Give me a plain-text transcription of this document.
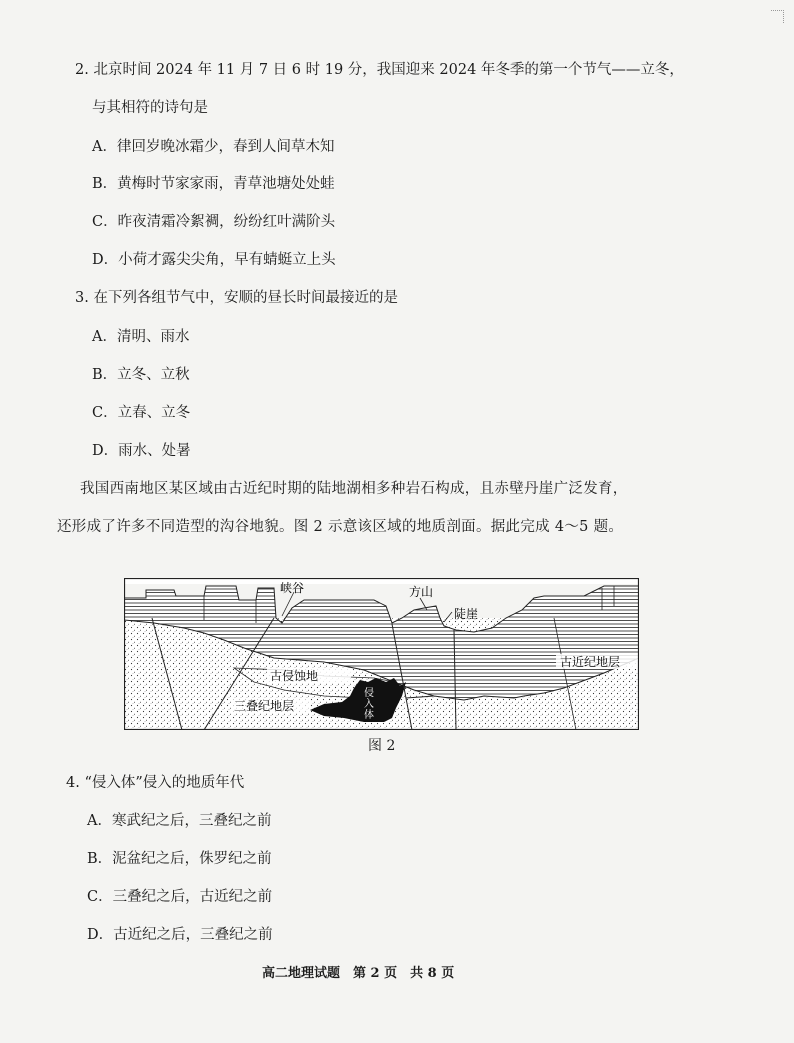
2. 北京时间 2024 年 11 月 7 日 6 时 19 分，我国迎来 2024 年冬季的第一个节气——立冬，
与其相符的诗句是
A．律回岁晚冰霜少，春到人间草木知
B．黄梅时节家家雨，青草池塘处处蛙
C．昨夜清霜冷絮裯，纷纷红叶满阶头
D．小荷才露尖尖角，早有蜻蜓立上头
3. 在下列各组节气中，安顺的昼长时间最接近的是
A．清明、雨水
B．立冬、立秋
C．立春、立冬
D．雨水、处暑
我国西南地区某区域由古近纪时期的陆地湖相多种岩石构成，且赤壁丹崖广泛发育，
还形成了许多不同造型的沟谷地貌。图 2 示意该区域的地质剖面。据此完成 4～5 题。
峡谷	方山
陡崖
古近纪地层
古侵蚀地
三叠纪地层
侵入体
图 2
4. “侵入体”侵入的地质年代
A．寒武纪之后，三叠纪之前
B．泥盆纪之后，侏罗纪之前
C．三叠纪之后，古近纪之前
D．古近纪之后，三叠纪之前
高二地理试题　第 2 页　共 8 页
